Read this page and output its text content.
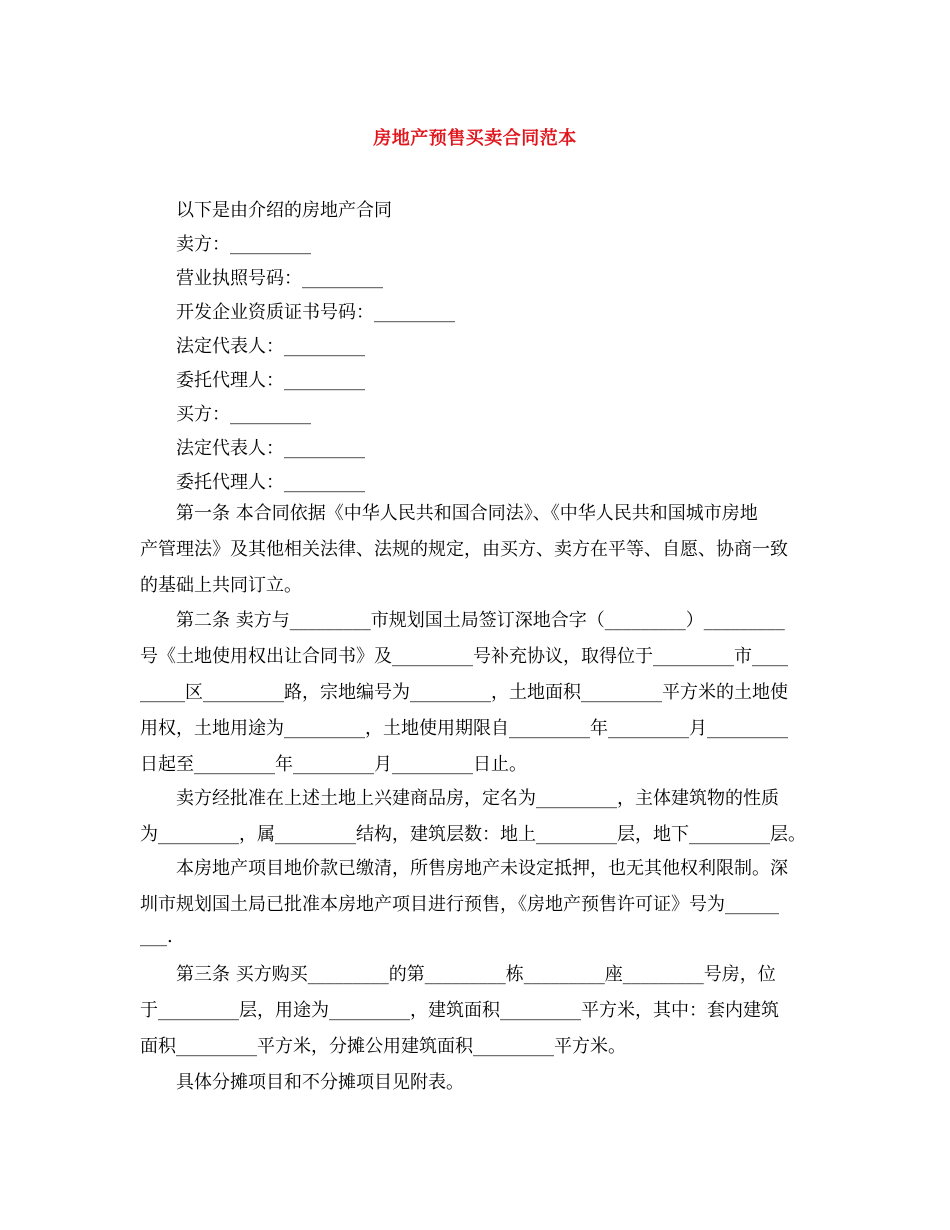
房地产预售买卖合同范本
以下是由介绍的房地产合同
卖方：_________
营业执照号码：_________
开发企业资质证书号码：_________
法定代表人：_________
委托代理人：_________
买方：_________
法定代表人：_________
委托代理人：_________
第一条 本合同依据《中华人民共和国合同法》、《中华人民共和国城市房地
产管理法》及其他相关法律、法规的规定，由买方、卖方在平等、自愿、协商一致
的基础上共同订立。
第二条 卖方与_________市规划国土局签订深地合字（_________）_________
号《土地使用权出让合同书》及_________号补充协议，取得位于_________市____
_____区_________路，宗地编号为_________，土地面积_________平方米的土地使
用权，土地用途为_________，土地使用期限自_________年_________月_________
日起至_________年_________月_________日止。
卖方经批准在上述土地上兴建商品房，定名为_________，主体建筑物的性质
为_________，属_________结构，建筑层数：地上_________层，地下_________层。
本房地产项目地价款已缴清，所售房地产未设定抵押，也无其他权利限制。深
圳市规划国土局已批准本房地产项目进行预售，《房地产预售许可证》号为______
___.
第三条 买方购买_________的第_________栋_________座_________号房，位
于_________层，用途为_________，建筑面积_________平方米，其中：套内建筑
面积_________平方米，分摊公用建筑面积_________平方米。
具体分摊项目和不分摊项目见附表。
